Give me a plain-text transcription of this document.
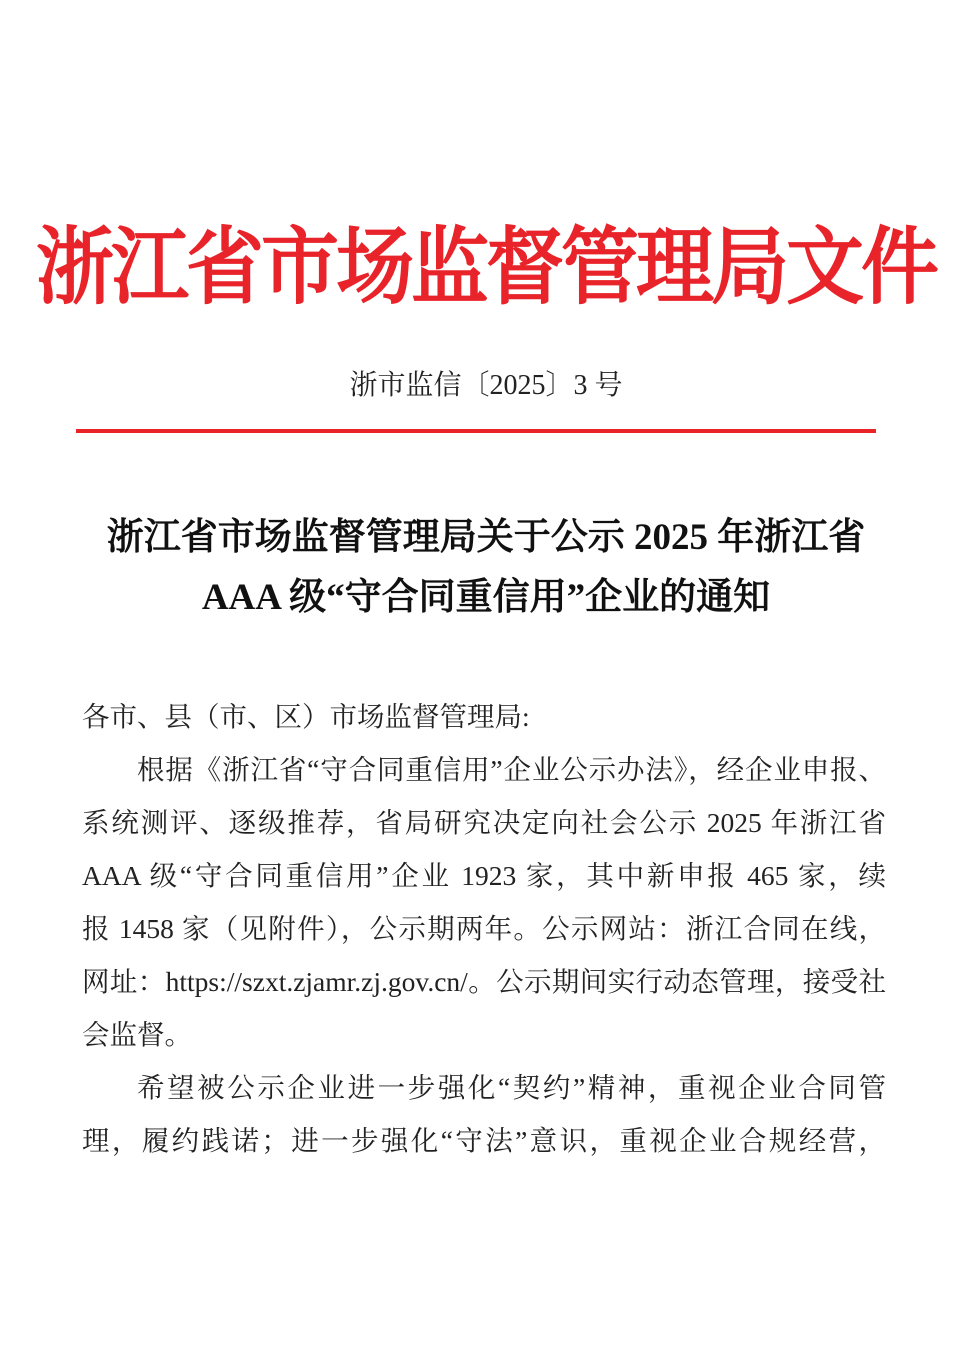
浙江省市场监督管理局文件
浙市监信〔2025〕3 号
浙江省市场监督管理局关于公示 2025 年浙江省
AAA 级“守合同重信用”企业的通知
各市、县（市、区）市场监督管理局:
根据《浙江省“守合同重信用”企业公示办法》，经企业申报、
系统测评、逐级推荐，省局研究决定向社会公示 2025 年浙江省
AAA 级“守合同重信用”企业 1923 家，其中新申报 465 家，续
报 1458 家（见附件），公示期两年。公示网站：浙江合同在线，
网址：https://szxt.zjamr.zj.gov.cn/。公示期间实行动态管理，接受社
会监督。
希望被公示企业进一步强化“契约”精神，重视企业合同管
理，履约践诺；进一步强化“守法”意识，重视企业合规经营，
